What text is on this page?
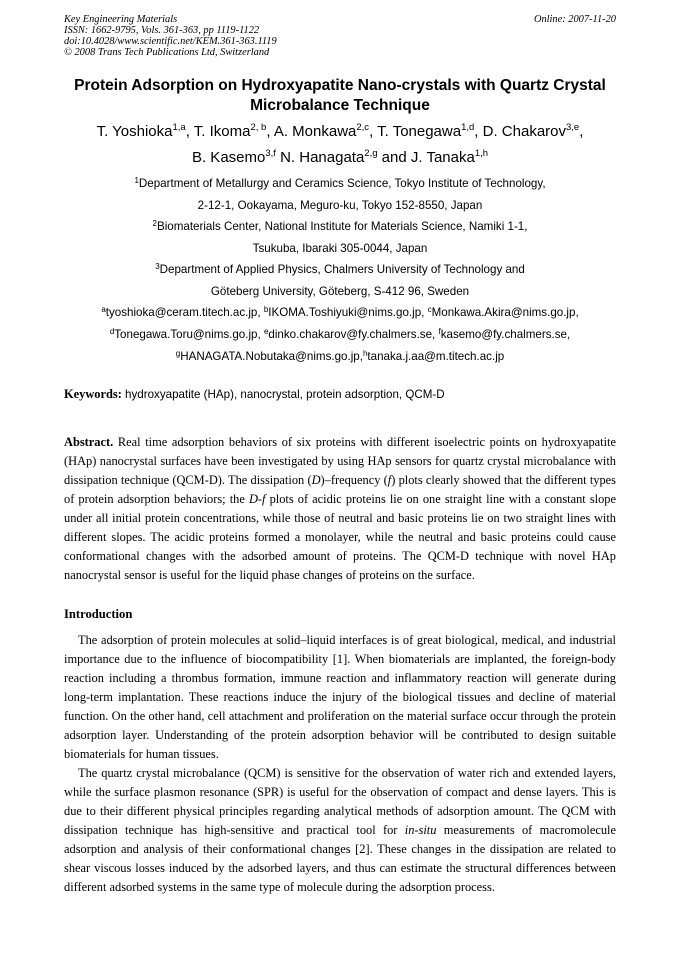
Key Engineering Materials
ISSN: 1662-9795, Vols. 361-363, pp 1119-1122
doi:10.4028/www.scientific.net/KEM.361-363.1119
© 2008 Trans Tech Publications Ltd, Switzerland
Online: 2007-11-20
Protein Adsorption on Hydroxyapatite Nano-crystals with Quartz Crystal Microbalance Technique
T. Yoshioka$^{1,a}$, T. Ikoma$^{2, b}$, A. Monkawa$^{2,c}$, T. Tonegawa$^{1,d}$, D. Chakarov$^{3,e}$,
B. Kasemo$^{3,f}$ N. Hanagata$^{2,g}$ and J. Tanaka$^{1,h}$
$^1$Department of Metallurgy and Ceramics Science, Tokyo Institute of Technology,
2-12-1, Ookayama, Meguro-ku, Tokyo 152-8550, Japan
$^2$Biomaterials Center, National Institute for Materials Science, Namiki 1-1,
Tsukuba, Ibaraki 305-0044, Japan
$^3$Department of Applied Physics, Chalmers University of Technology and
Göteberg University, Göteberg, S-412 96, Sweden
$^a$tyoshioka@ceram.titech.ac.jp, $^b$IKOMA.Toshiyuki@nims.go.jp, $^c$Monkawa.Akira@nims.go.jp,
$^d$Tonegawa.Toru@nims.go.jp, $^e$dinko.chakarov@fy.chalmers.se, $^f$kasemo@fy.chalmers.se,
$^g$HANAGATA.Nobutaka@nims.go.jp,$^h$tanaka.j.aa@m.titech.ac.jp
Keywords: hydroxyapatite (HAp), nanocrystal, protein adsorption, QCM-D
Abstract. Real time adsorption behaviors of six proteins with different isoelectric points on hydroxyapatite (HAp) nanocrystal surfaces have been investigated by using HAp sensors for quartz crystal microbalance with dissipation technique (QCM-D). The dissipation (D)–frequency (f) plots clearly showed that the different types of protein adsorption behaviors; the D-f plots of acidic proteins lie on one straight line with a constant slope under all initial protein concentrations, while those of neutral and basic proteins lie on two straight lines with different slopes. The acidic proteins formed a monolayer, while the neutral and basic proteins could cause conformational changes with the adsorbed amount of proteins. The QCM-D technique with novel HAp nanocrystal sensor is useful for the liquid phase changes of proteins on the surface.
Introduction
The adsorption of protein molecules at solid–liquid interfaces is of great biological, medical, and industrial importance due to the influence of biocompatibility [1]. When biomaterials are implanted, the foreign-body reaction including a thrombus formation, immune reaction and inflammatory reaction will generate during long-term implantation. These reactions induce the injury of the biological tissues and decline of material function. On the other hand, cell attachment and proliferation on the material surface occur through the protein adsorption layer. Understanding of the protein adsorption behavior will be contributed to design suitable biomaterials for human tissues.
The quartz crystal microbalance (QCM) is sensitive for the observation of water rich and extended layers, while the surface plasmon resonance (SPR) is useful for the observation of compact and dense layers. This is due to their different physical principles regarding analytical methods of adsorption amount. The QCM with dissipation technique has high-sensitive and practical tool for in-situ measurements of macromolecule adsorption and analysis of their conformational changes [2]. These changes in the dissipation are related to shear viscous losses induced by the adsorbed layers, and thus can estimate the structural differences between different adsorbed systems in the same type of molecule during the adsorption process.
